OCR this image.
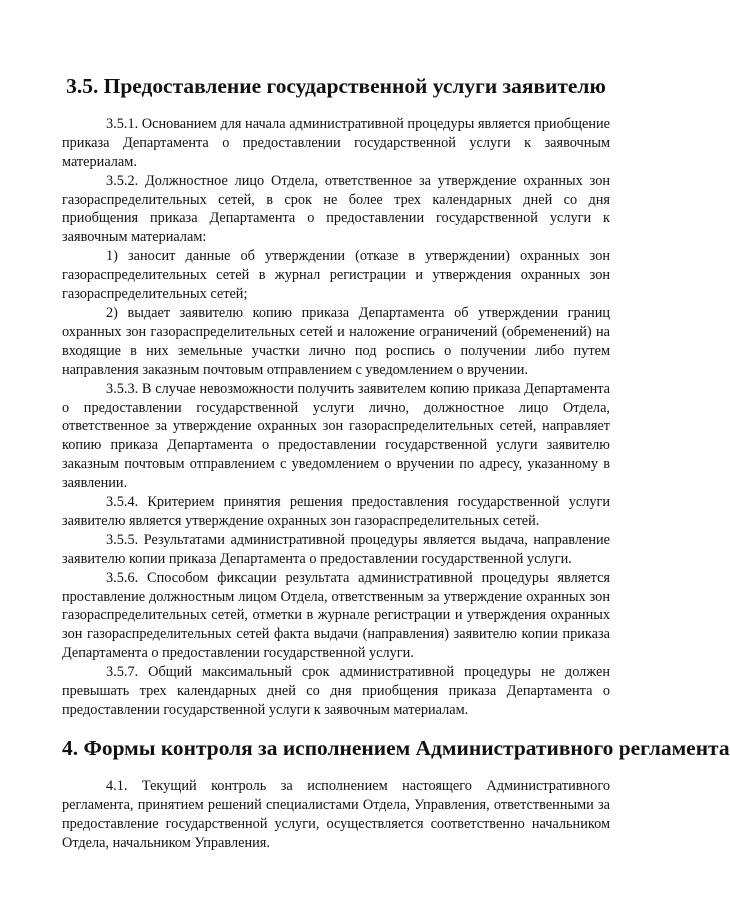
3.5. Предоставление государственной услуги заявителю

3.5.1. Основанием для начала административной процедуры является приобщение приказа Департамента о предоставлении государственной услуги к заявочным материалам.

3.5.2. Должностное лицо Отдела, ответственное за утверждение охранных зон газораспределительных сетей, в срок не более трех календарных дней со дня приобщения приказа Департамента о предоставлении государственной услуги к заявочным материалам:

1) заносит данные об утверждении (отказе в утверждении) охранных зон газораспределительных сетей в журнал регистрации и утверждения охранных зон газораспределительных сетей;

2) выдает заявителю копию приказа Департамента об утверждении границ охранных зон газораспределительных сетей и наложение ограничений (обременений) на входящие в них земельные участки лично под роспись о получении либо путем направления заказным почтовым отправлением с уведомлением о вручении.

3.5.3. В случае невозможности получить заявителем копию приказа Департамента о предоставлении государственной услуги лично, должностное лицо Отдела, ответственное за утверждение охранных зон газораспределительных сетей, направляет копию приказа Департамента о предоставлении государственной услуги заявителю заказным почтовым отправлением с уведомлением о вручении по адресу, указанному в заявлении.

3.5.4. Критерием принятия решения предоставления государственной услуги заявителю является утверждение охранных зон газораспределительных сетей.

3.5.5. Результатами административной процедуры является выдача, направление заявителю копии приказа Департамента о предоставлении государственной услуги.

3.5.6. Способом фиксации результата административной процедуры является проставление должностным лицом Отдела, ответственным за утверждение охранных зон газораспределительных сетей, отметки в журнале регистрации и утверждения охранных зон газораспределительных сетей факта выдачи (направления) заявителю копии приказа Департамента о предоставлении государственной услуги.

3.5.7. Общий максимальный срок административной процедуры не должен превышать трех календарных дней со дня приобщения приказа Департамента о предоставлении государственной услуги к заявочным материалам.

4. Формы контроля за исполнением Административного регламента

4.1. Текущий контроль за исполнением настоящего Административного регламента, принятием решений специалистами Отдела, Управления, ответственными за предоставление государственной услуги, осуществляется соответственно начальником Отдела, начальником Управления.
